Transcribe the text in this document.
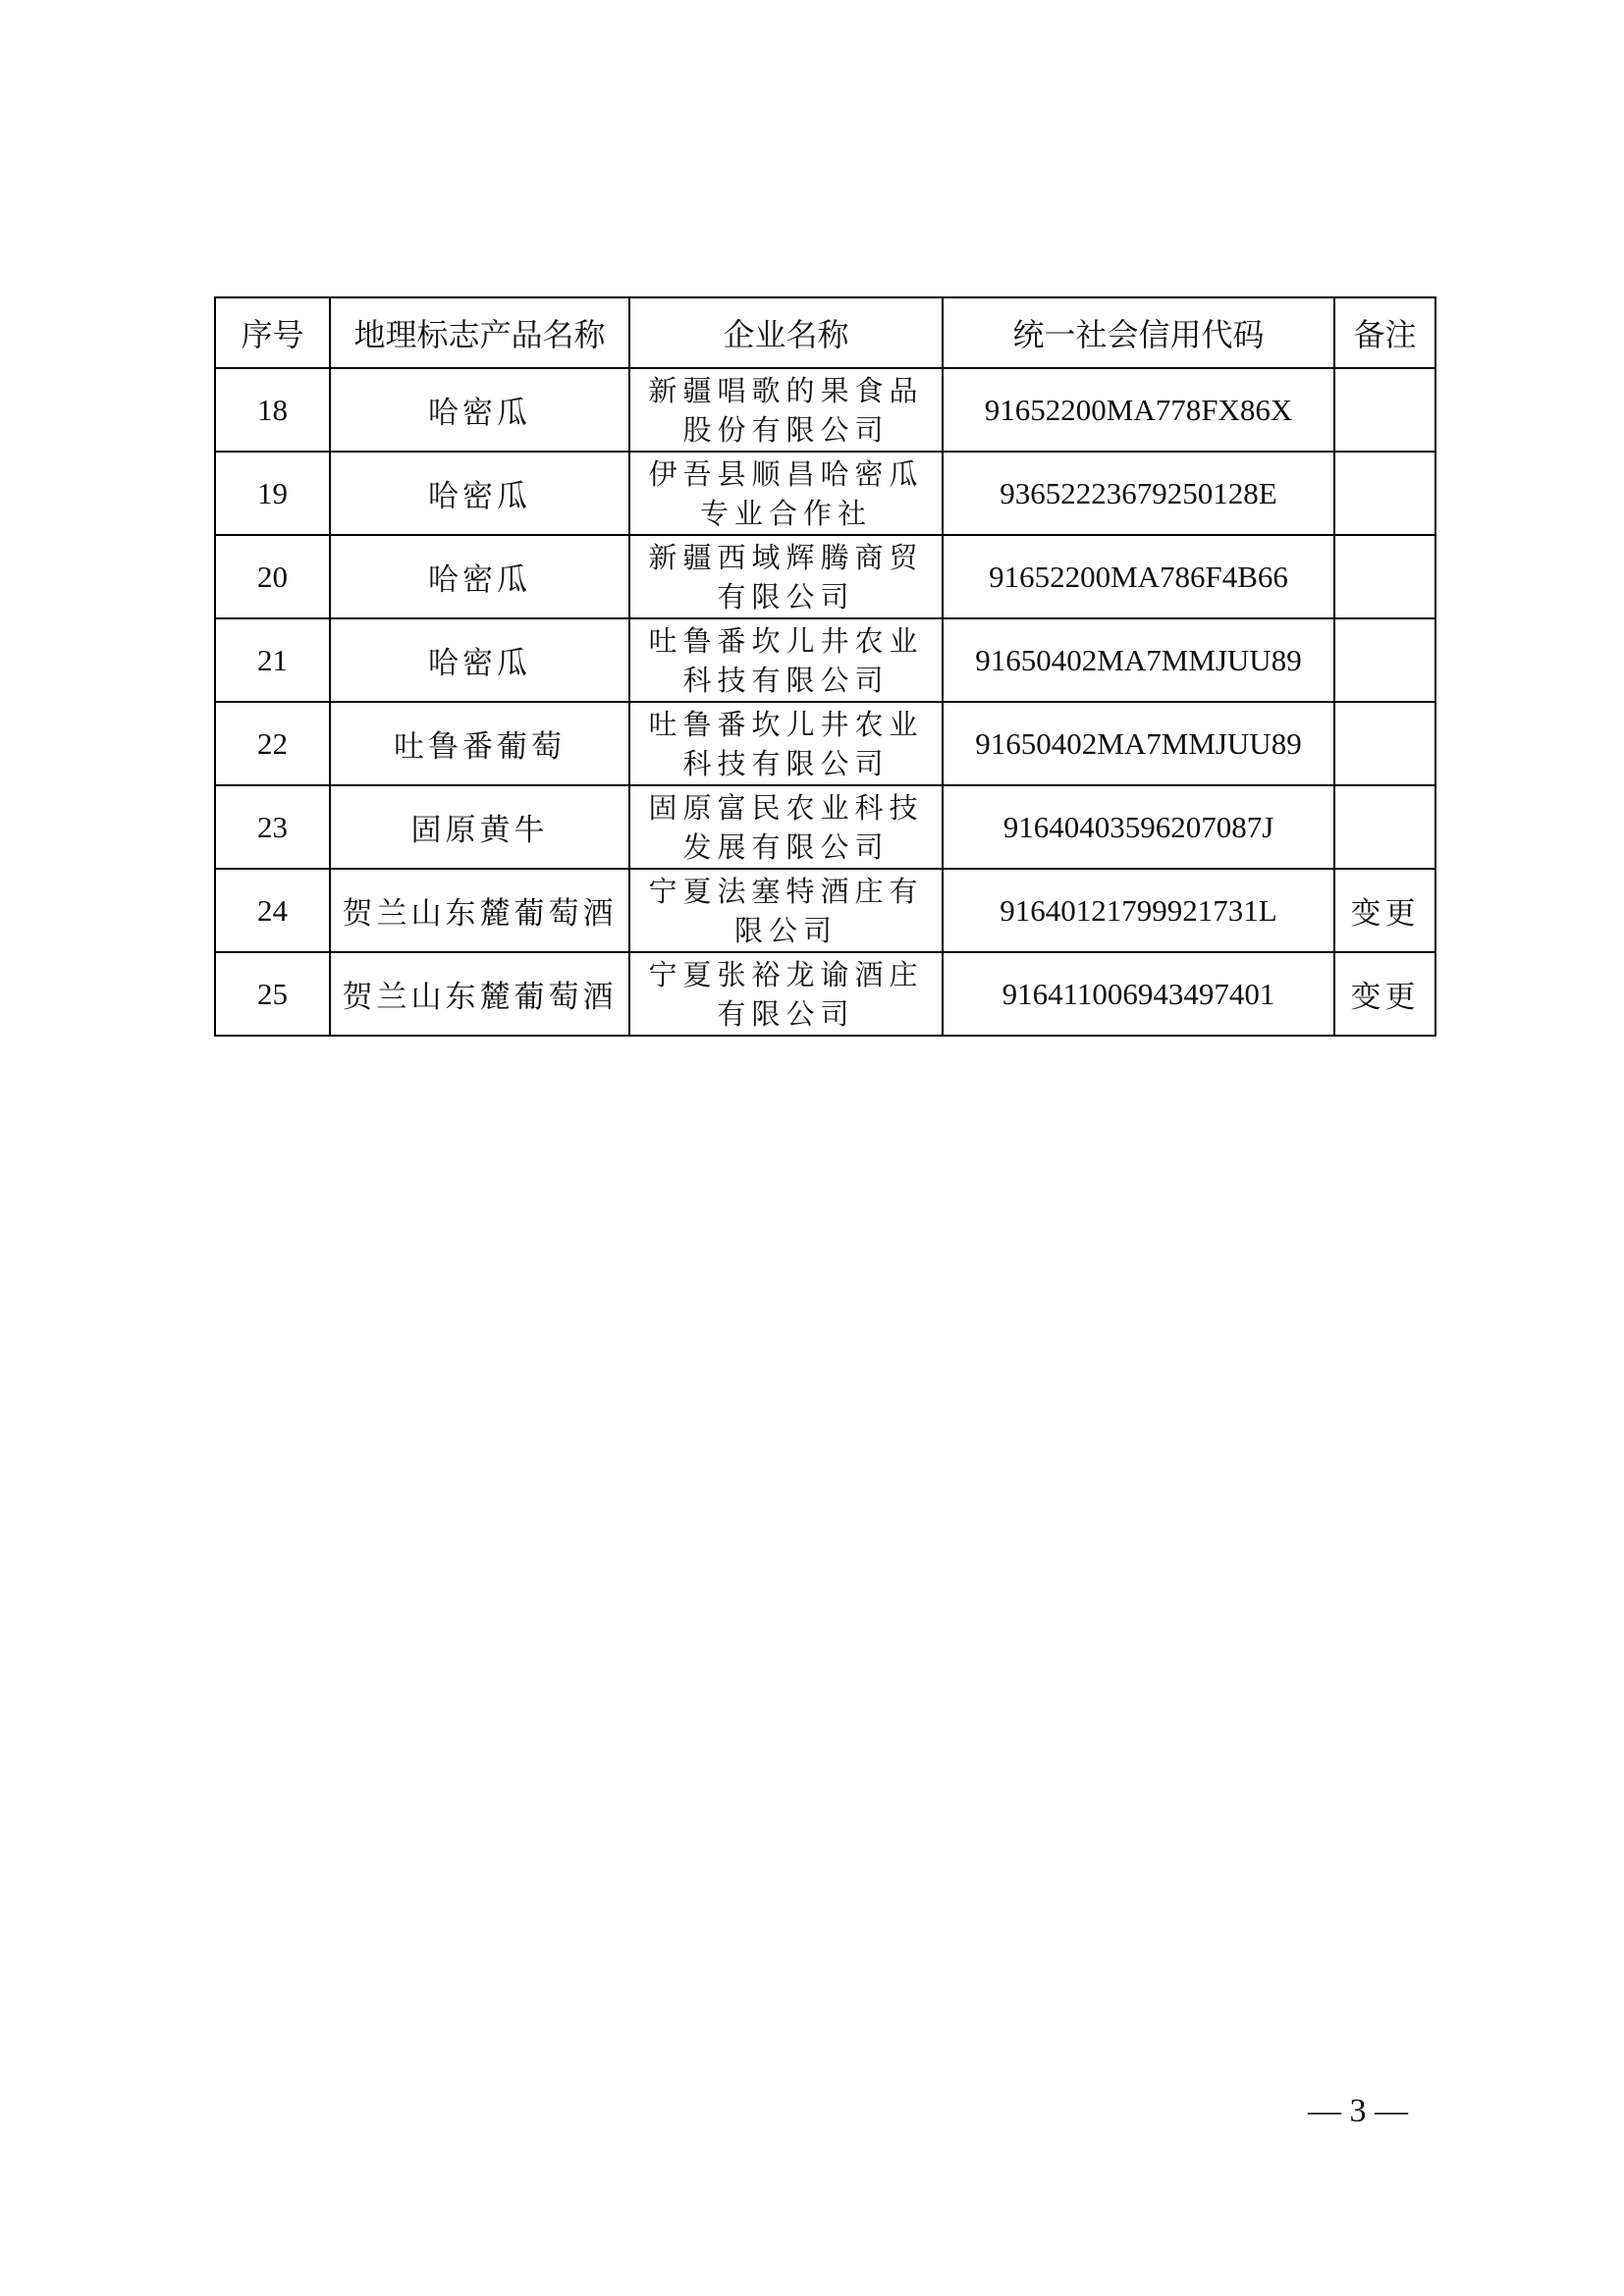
序号	地理标志产品名称	企业名称	统一社会信用代码	备注
18	哈密瓜	新疆唱歌的果食品股份有限公司	91652200MA778FX86X	
19	哈密瓜	伊吾县顺昌哈密瓜专业合作社	93652223679250128E	
20	哈密瓜	新疆西域辉腾商贸有限公司	91652200MA786F4B66	
21	哈密瓜	吐鲁番坎儿井农业科技有限公司	91650402MA7MMJUU89	
22	吐鲁番葡萄	吐鲁番坎儿井农业科技有限公司	91650402MA7MMJUU89	
23	固原黄牛	固原富民农业科技发展有限公司	91640403596207087J	
24	贺兰山东麓葡萄酒	宁夏法塞特酒庄有限公司	91640121799921731L	变更
25	贺兰山东麓葡萄酒	宁夏张裕龙谕酒庄有限公司	916411006943497401	变更
— 3 —
